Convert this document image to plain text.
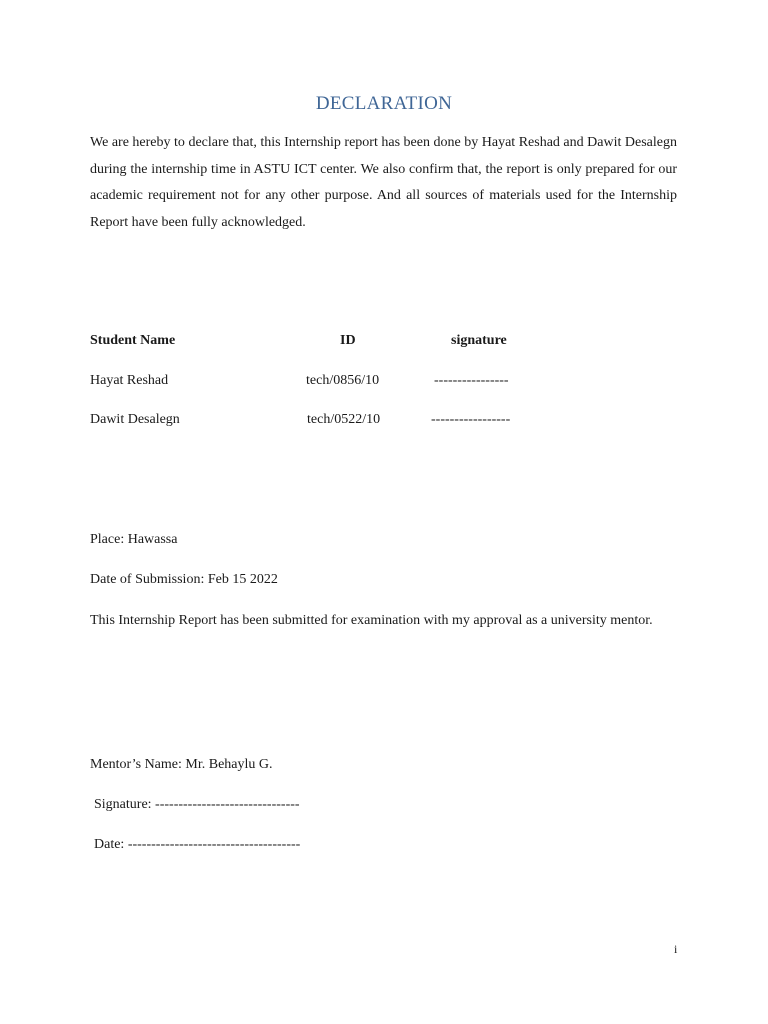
DECLARATION

We are hereby to declare that, this Internship report has been done by Hayat Reshad and Dawit Desalegn during the internship time in ASTU ICT center. We also confirm that, the report is only prepared for our academic requirement not for any other purpose. And all sources of materials used for the Internship Report have been fully acknowledged.

Student Name	ID	signature
Hayat Reshad	tech/0856/10	----------------
Dawit Desalegn	tech/0522/10	-----------------
Place: Hawassa
Date of Submission: Feb 15 2022

This Internship Report has been submitted for examination with my approval as a university mentor.

Mentor’s Name: Mr. Behaylu G.
Signature: -------------------------------
Date: -------------------------------------
i
